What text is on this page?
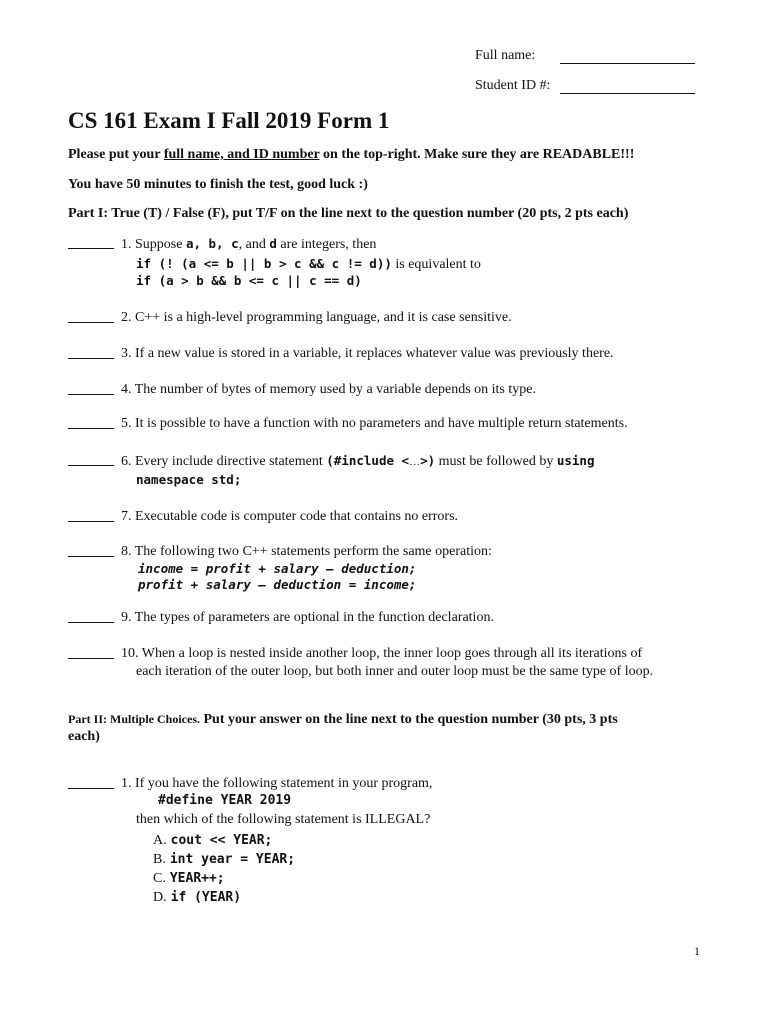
Full name:
Student ID #:
CS 161 Exam I Fall 2019 Form 1
Please put your full name, and ID number on the top-right. Make sure they are READABLE!!!
You have 50 minutes to finish the test, good luck :)
Part I: True (T) / False (F), put T/F on the line next to the question number (20 pts, 2 pts each)
1. Suppose a, b, c, and d are integers, then
if (! (a <= b || b > c && c != d)) is equivalent to
if (a > b && b <= c || c == d)
2. C++ is a high-level programming language, and it is case sensitive.
3. If a new value is stored in a variable, it replaces whatever value was previously there.
4. The number of bytes of memory used by a variable depends on its type.
5. It is possible to have a function with no parameters and have multiple return statements.
6. Every include directive statement (#include <…>) must be followed by using
namespace std;
7. Executable code is computer code that contains no errors.
8. The following two C++ statements perform the same operation:
income = profit + salary – deduction;
profit + salary – deduction = income;
9. The types of parameters are optional in the function declaration.
10. When a loop is nested inside another loop, the inner loop goes through all its iterations of
each iteration of the outer loop, but both inner and outer loop must be the same type of loop.
Part II: Multiple Choices. Put your answer on the line next to the question number (30 pts, 3 pts
each)
1. If you have the following statement in your program,
#define YEAR 2019
then which of the following statement is ILLEGAL?
A. cout << YEAR;
B. int year = YEAR;
C. YEAR++;
D. if (YEAR)
1
